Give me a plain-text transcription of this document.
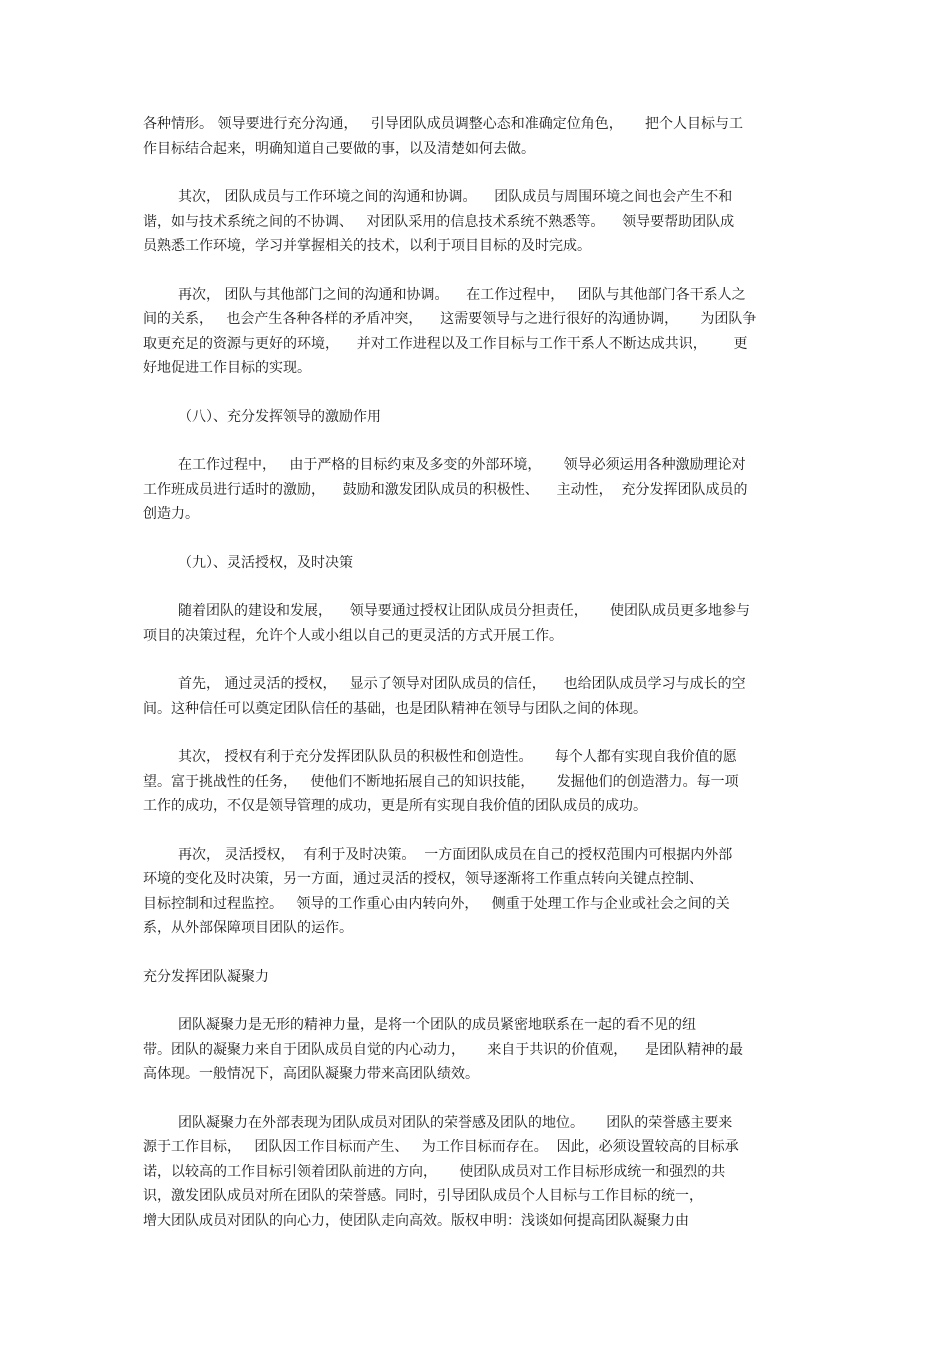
各种情形。 领导要进行充分沟通，   引导团队成员调整心态和准确定位角色，     把个人目标与工
作目标结合起来，明确知道自己要做的事，以及清楚如何去做。
其次， 团队成员与工作环境之间的沟通和协调。    团队成员与周围环境之间也会产生不和
谐，如与技术系统之间的不协调、   对团队采用的信息技术系统不熟悉等。    领导要帮助团队成
员熟悉工作环境，学习并掌握相关的技术，以利于项目目标的及时完成。
再次， 团队与其他部门之间的沟通和协调。    在工作过程中，   团队与其他部门各干系人之
间的关系，   也会产生各种各样的矛盾冲突，    这需要领导与之进行很好的沟通协调，     为团队争
取更充足的资源与更好的环境，    并对工作进程以及工作目标与工作干系人不断达成共识，      更
好地促进工作目标的实现。
（八）、充分发挥领导的激励作用
在工作过程中，   由于严格的目标约束及多变的外部环境，     领导必须运用各种激励理论对
工作班成员进行适时的激励，    鼓励和激发团队成员的积极性、    主动性，  充分发挥团队成员的
创造力。
（九）、灵活授权，及时决策
随着团队的建设和发展，    领导要通过授权让团队成员分担责任，     使团队成员更多地参与
项目的决策过程，允许个人或小组以自己的更灵活的方式开展工作。
首先， 通过灵活的授权，   显示了领导对团队成员的信任，    也给团队成员学习与成长的空
间。这种信任可以奠定团队信任的基础，也是团队精神在领导与团队之间的体现。
其次， 授权有利于充分发挥团队队员的积极性和创造性。     每个人都有实现自我价值的愿
望。富于挑战性的任务，   使他们不断地拓展自己的知识技能，     发掘他们的创造潜力。每一项
工作的成功，不仅是领导管理的成功，更是所有实现自我价值的团队成员的成功。
再次， 灵活授权，  有利于及时决策。  一方面团队成员在自己的授权范围内可根据内外部
环境的变化及时决策，另一方面，通过灵活的授权，领导逐渐将工作重点转向关键点控制、
目标控制和过程监控。   领导的工作重心由内转向外，   侧重于处理工作与企业或社会之间的关
系，从外部保障项目团队的运作。
充分发挥团队凝聚力
团队凝聚力是无形的精神力量，是将一个团队的成员紧密地联系在一起的看不见的纽
带。团队的凝聚力来自于团队成员自觉的内心动力，     来自于共识的价值观，    是团队精神的最
高体现。一般情况下，高团队凝聚力带来高团队绩效。
团队凝聚力在外部表现为团队成员对团队的荣誉感及团队的地位。     团队的荣誉感主要来
源于工作目标，   团队因工作目标而产生、   为工作目标而存在。  因此，必须设置较高的目标承
诺，以较高的工作目标引领着团队前进的方向，     使团队成员对工作目标形成统一和强烈的共
识，激发团队成员对所在团队的荣誉感。同时，引导团队成员个人目标与工作目标的统一，
增大团队成员对团队的向心力，使团队走向高效。版权申明：浅谈如何提高团队凝聚力由
